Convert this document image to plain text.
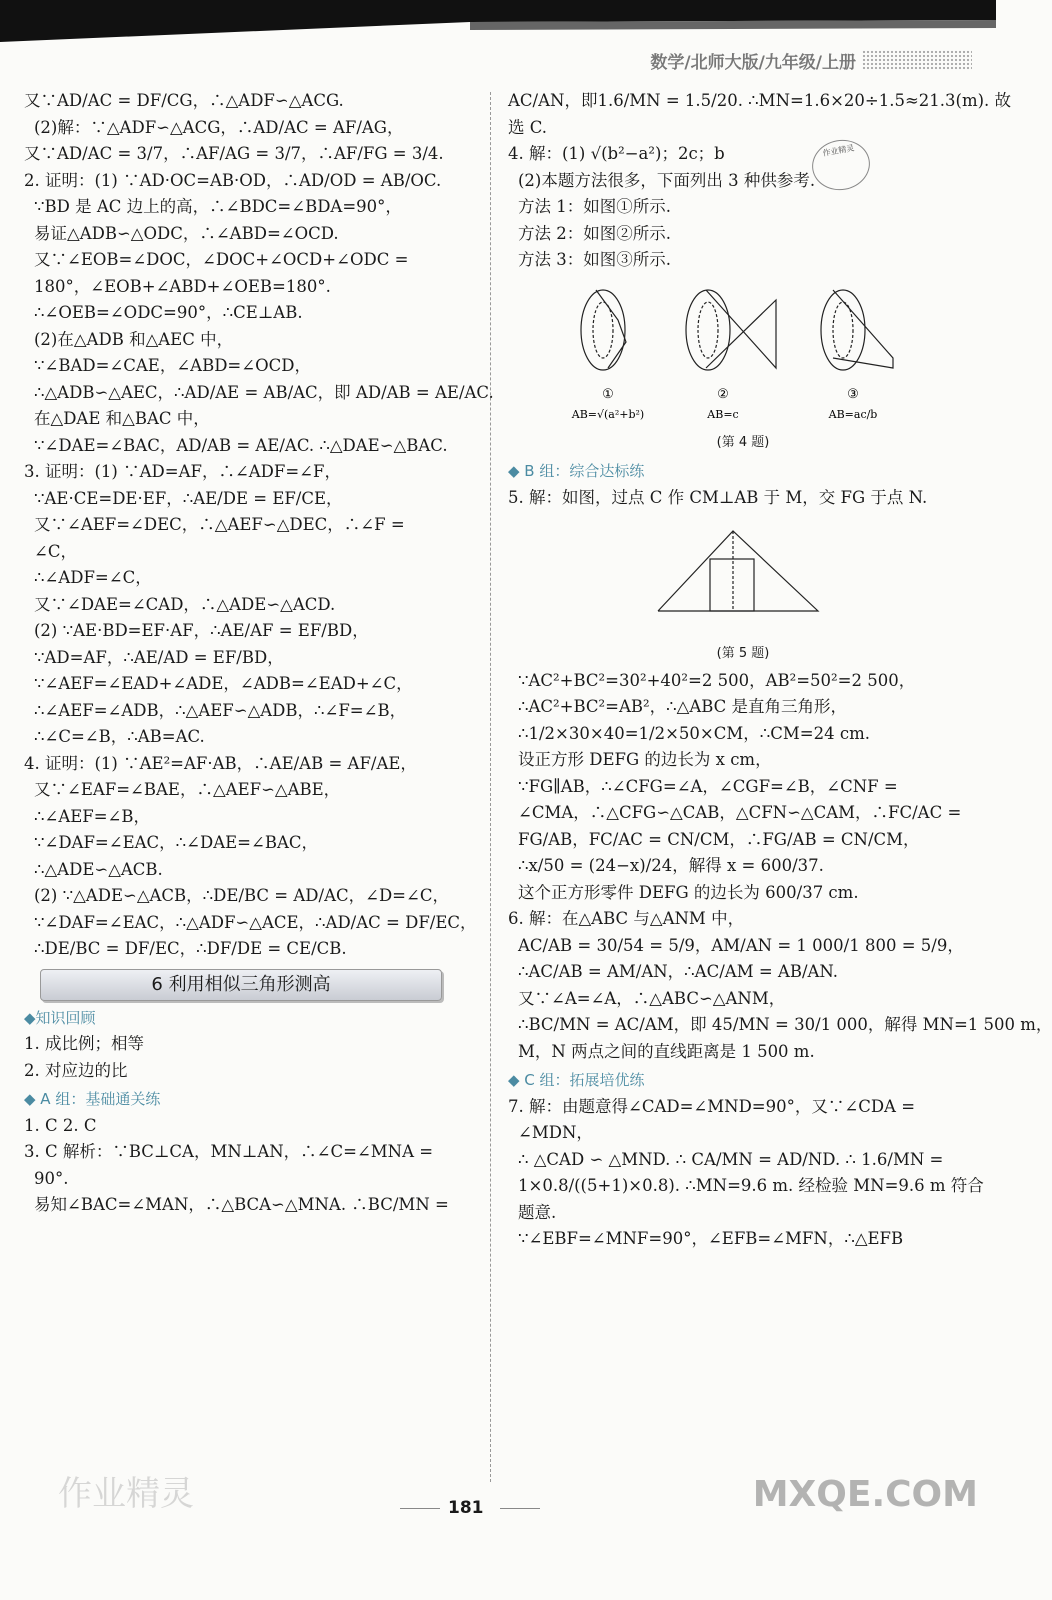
数学/北师大版/九年级/上册
又∵AD/AC = DF/CG，∴△ADF∽△ACG.
(2)解：∵△ADF∽△ACG，∴AD/AC = AF/AG，
又∵AD/AC = 3/7，∴AF/AG = 3/7，∴AF/FG = 3/4.
2. 证明：(1) ∵AD·OC=AB·OD，∴AD/OD = AB/OC.
∵BD 是 AC 边上的高，∴∠BDC=∠BDA=90°，
易证△ADB∽△ODC，∴∠ABD=∠OCD.
又∵∠EOB=∠DOC，∠DOC+∠OCD+∠ODC =
180°，∠EOB+∠ABD+∠OEB=180°.
∴∠OEB=∠ODC=90°，∴CE⊥AB.
(2)在△ADB 和△AEC 中，
∵∠BAD=∠CAE，∠ABD=∠OCD，
∴△ADB∽△AEC，∴AD/AE = AB/AC，即 AD/AB = AE/AC.
在△DAE 和△BAC 中，
∵∠DAE=∠BAC，AD/AB = AE/AC. ∴△DAE∽△BAC.
3. 证明：(1) ∵AD=AF，∴∠ADF=∠F，
∵AE·CE=DE·EF，∴AE/DE = EF/CE，
又∵∠AEF=∠DEC，∴△AEF∽△DEC，∴∠F =
∠C，
∴∠ADF=∠C，
又∵∠DAE=∠CAD，∴△ADE∽△ACD.
(2) ∵AE·BD=EF·AF，∴AE/AF = EF/BD，
∵AD=AF，∴AE/AD = EF/BD，
∵∠AEF=∠EAD+∠ADE，∠ADB=∠EAD+∠C，
∴∠AEF=∠ADB，∴△AEF∽△ADB，∴∠F=∠B，
∴∠C=∠B，∴AB=AC.
4. 证明：(1) ∵AE²=AF·AB，∴AE/AB = AF/AE，
又∵∠EAF=∠BAE，∴△AEF∽△ABE，
∴∠AEF=∠B，
∵∠DAF=∠EAC，∴∠DAE=∠BAC，
∴△ADE∽△ACB.
(2) ∵△ADE∽△ACB，∴DE/BC = AD/AC，∠D=∠C，
∵∠DAF=∠EAC，∴△ADF∽△ACE，∴AD/AC = DF/EC，
∴DE/BC = DF/EC，∴DF/DE = CE/CB.
6 利用相似三角形测高
◆知识回顾
1. 成比例；相等
2. 对应边的比
◆ A 组：基础通关练
1. C 2. C
3. C 解析：∵BC⊥CA，MN⊥AN，∴∠C=∠MNA =
90°.
易知∠BAC=∠MAN，∴△BCA∽△MNA. ∴BC/MN =
AC/AN，即1.6/MN = 1.5/20. ∴MN=1.6×20÷1.5≈21.3(m). 故
选 C.
4. 解：(1) √(b²−a²)；2c；b
(2)本题方法很多，下面列出 3 种供参考.
方法 1：如图①所示.
方法 2：如图②所示.
方法 3：如图③所示.
①	②	③
AB=√(a²+b²)	AB=c	AB=ac/b
(第 4 题)
◆ B 组：综合达标练
5. 解：如图，过点 C 作 CM⊥AB 于 M，交 FG 于点 N.
(第 5 题)
∵AC²+BC²=30²+40²=2 500，AB²=50²=2 500，
∴AC²+BC²=AB²，∴△ABC 是直角三角形，
∴1/2×30×40=1/2×50×CM，∴CM=24 cm.
设正方形 DEFG 的边长为 x cm，
∵FG∥AB，∴∠CFG=∠A，∠CGF=∠B，∠CNF =
∠CMA，∴△CFG∽△CAB，△CFN∽△CAM，∴FC/AC =
FG/AB，FC/AC = CN/CM，∴FG/AB = CN/CM，
∴x/50 = (24−x)/24，解得 x = 600/37.
这个正方形零件 DEFG 的边长为 600/37 cm.
6. 解：在△ABC 与△ANM 中，
AC/AB = 30/54 = 5/9，AM/AN = 1 000/1 800 = 5/9，
∴AC/AB = AM/AN，∴AC/AM = AB/AN.
又∵∠A=∠A，∴△ABC∽△ANM，
∴BC/MN = AC/AM，即 45/MN = 30/1 000，解得 MN=1 500 m，
M，N 两点之间的直线距离是 1 500 m.
◆ C 组：拓展培优练
7. 解：由题意得∠CAD=∠MND=90°，又∵∠CDA =
∠MDN，
∴ △CAD ∽ △MND. ∴ CA/MN = AD/ND. ∴ 1.6/MN =
1×0.8/((5+1)×0.8). ∴MN=9.6 m. 经检验 MN=9.6 m 符合
题意.
∵∠EBF=∠MNF=90°，∠EFB=∠MFN，∴△EFB
作业精灵
181
作业精灵	MXQE.COM
